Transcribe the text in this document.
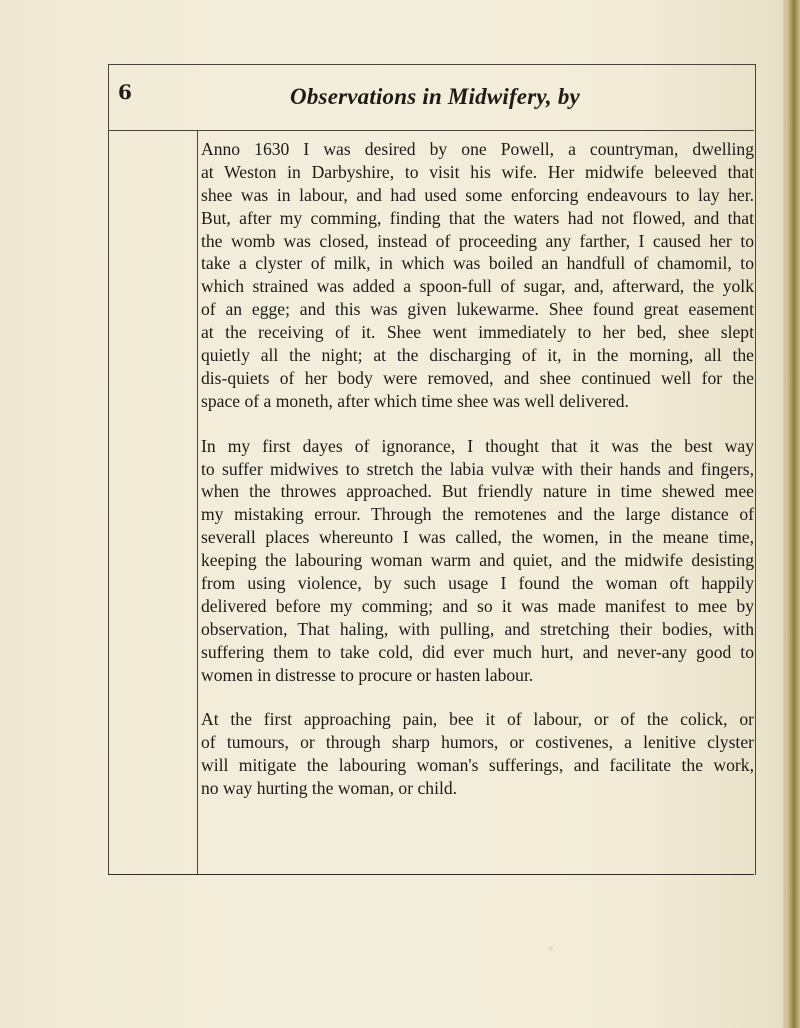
6	Observations in Midwifery, by
Anno 1630 I was desired by one Powell, a countryman, dwelling
at Weston in Darbyshire, to visit his wife. Her midwife beleeved that
shee was in labour, and had used some enforcing endeavours to lay her.
But, after my comming, finding that the waters had not flowed, and that
the womb was closed, instead of proceeding any farther, I caused her to
take a clyster of milk, in which was boiled an handfull of chamomil, to
which strained was added a spoon-full of sugar, and, afterward, the yolk
of an egge; and this was given lukewarme. Shee found great easement
at the receiving of it. Shee went immediately to her bed, shee slept
quietly all the night; at the discharging of it, in the morning, all the
dis-quiets of her body were removed, and shee continued well for the
space of a moneth, after which time shee was well delivered.
In my first dayes of ignorance, I thought that it was the best way
to suffer midwives to stretch the labia vulvæ with their hands and fingers,
when the throwes approached. But friendly nature in time shewed mee
my mistaking errour. Through the remotenes and the large distance of
severall places whereunto I was called, the women, in the meane time,
keeping the labouring woman warm and quiet, and the midwife desisting
from using violence, by such usage I found the woman oft happily
delivered before my comming; and so it was made manifest to mee by
observation, That haling, with pulling, and stretching their bodies, with
suffering them to take cold, did ever much hurt, and never-any good to
women in distresse to procure or hasten labour.
At the first approaching pain, bee it of labour, or of the colick, or
of tumours, or through sharp humors, or costivenes, a lenitive clyster
will mitigate the labouring woman's sufferings, and facilitate the work,
no way hurting the woman, or child.
